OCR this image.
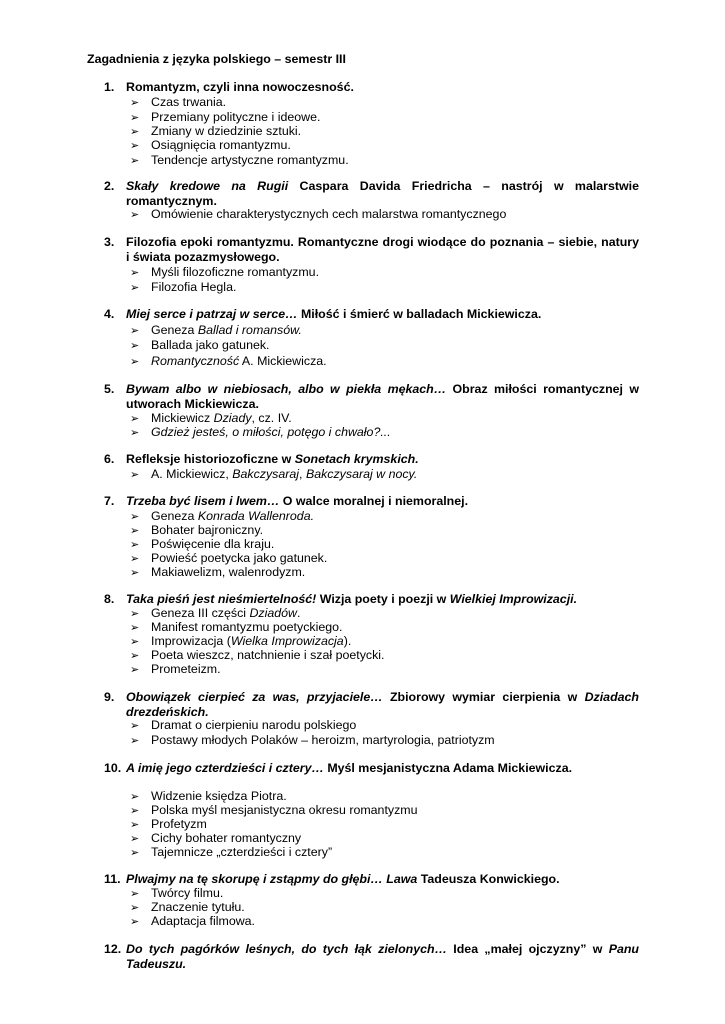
Zagadnienia z języka polskiego – semestr III
1. Romantyzm, czyli inna nowoczesność.
➢ Czas trwania.
➢ Przemiany polityczne i ideowe.
➢ Zmiany w dziedzinie sztuki.
➢ Osiągnięcia romantyzmu.
➢ Tendencje artystyczne romantyzmu.
2. Skały kredowe na Rugii Caspara Davida Friedricha – nastrój w malarstwie romantycznym.
➢ Omówienie charakterystycznych cech malarstwa romantycznego
3. Filozofia epoki romantyzmu. Romantyczne drogi wiodące do poznania – siebie, natury i świata pozazmysłowego.
➢ Myśli filozoficzne romantyzmu.
➢ Filozofia Hegla.
4. Miej serce i patrzaj w serce… Miłość i śmierć w balladach Mickiewicza.
➢ Geneza Ballad i romansów.
➢ Ballada jako gatunek.
➢ Romantyczność A. Mickiewicza.
5. Bywam albo w niebiosach, albo w piekła mękach… Obraz miłości romantycznej w utworach Mickiewicza.
➢ Mickiewicz Dziady, cz. IV.
➢ Gdzież jesteś, o miłości, potęgo i chwało?...
6. Refleksje historiozoficzne w Sonetach krymskich.
➢ A. Mickiewicz, Bakczysaraj, Bakczysaraj w nocy.
7. Trzeba być lisem i lwem… O walce moralnej i niemoralnej.
➢ Geneza Konrada Wallenroda.
➢ Bohater bajroniczny.
➢ Poświęcenie dla kraju.
➢ Powieść poetycka jako gatunek.
➢ Makiawelizm, walenrodyzm.
8. Taka pieśń jest nieśmiertelność! Wizja poety i poezji w Wielkiej Improwizacji.
➢ Geneza III części Dziadów.
➢ Manifest romantyzmu poetyckiego.
➢ Improwizacja (Wielka Improwizacja).
➢ Poeta wieszcz, natchnienie i szał poetycki.
➢ Prometeizm.
9. Obowiązek cierpieć za was, przyjaciele… Zbiorowy wymiar cierpienia w Dziadach drezdeńskich.
➢ Dramat o cierpieniu narodu polskiego
➢ Postawy młodych Polaków – heroizm, martyrologia, patriotyzm
10. A imię jego czterdzieści i cztery… Myśl mesjanistyczna Adama Mickiewicza.
➢ Widzenie księdza Piotra.
➢ Polska myśl mesjanistyczna okresu romantyzmu
➢ Profetyzm
➢ Cichy bohater romantyczny
➢ Tajemnicze „czterdzieści i cztery”
11. Plwajmy na tę skorupę i zstąpmy do głębi… Lawa Tadeusza Konwickiego.
➢ Twórcy filmu.
➢ Znaczenie tytułu.
➢ Adaptacja filmowa.
12. Do tych pagórków leśnych, do tych łąk zielonych… Idea „małej ojczyzny” w Panu Tadeuszu.
